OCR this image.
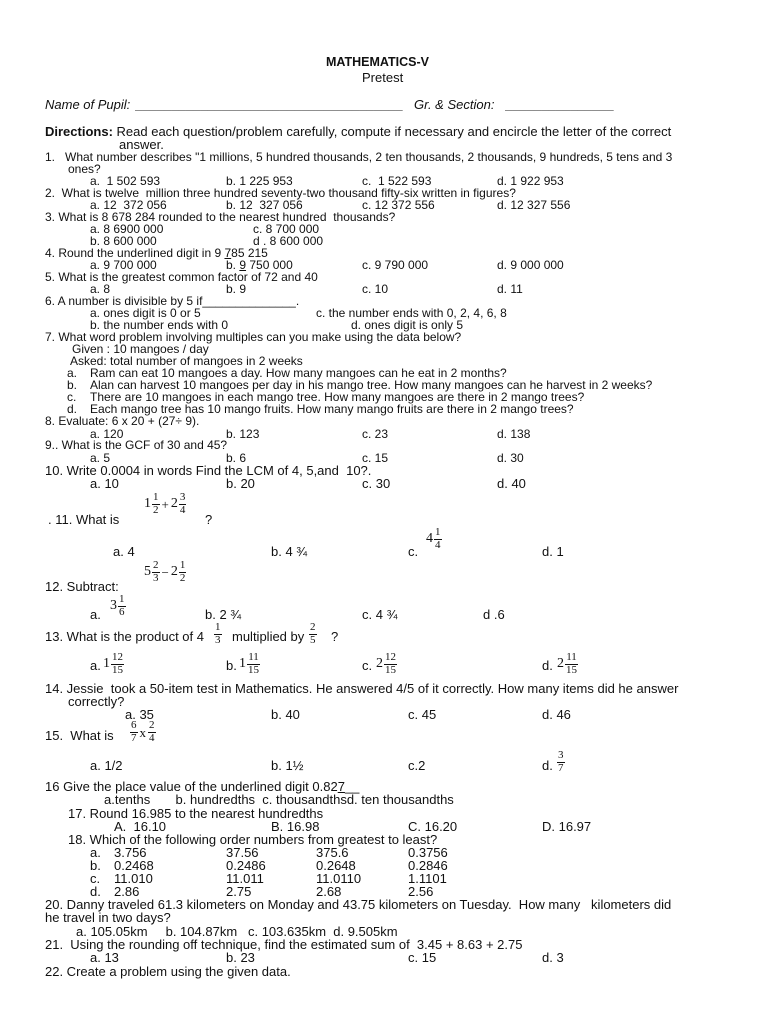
MATHEMATICS-V
Pretest
Name of Pupil: _____________________________________ Gr. & Section: _______________
Directions: Read each question/problem carefully, compute if necessary and encircle the letter of the correct
answer.
1.   What number describes "1 millions, 5 hundred thousands, 2 ten thousands, 2 thousands, 9 hundreds, 5 tens and 3
ones?
a.  1 502 593	b. 1 225 953	c.  1 522 593	d. 1 922 953
2.  What is twelve  million three hundred seventy-two thousand fifty-six written in figures?
a. 12  372 056	b. 12  327 056	c. 12 372 556	d. 12 327 556
3. What is 8 678 284 rounded to the nearest hundred  thousands?
a. 8 6900 000	c. 8 700 000
b. 8 600 000	d . 8 600 000
4. Round the underlined digit in 9 785 215
a. 9 700 000	b. 9 750 000	c. 9 790 000	d. 9 000 000
5. What is the greatest common factor of 72 and 40
a. 8	b. 9	c. 10	d. 11
6. A number is divisible by 5 if______________.
a. ones digit is 0 or 5	c. the number ends with 0, 2, 4, 6, 8
b. the number ends with 0	d. ones digit is only 5
7. What word problem involving multiples can you make using the data below?
Given : 10 mangoes / day
Asked: total number of mangoes in 2 weeks
a. Ram can eat 10 mangoes a day. How many mangoes can he eat in 2 months?
b. Alan can harvest 10 mangoes per day in his mango tree. How many mangoes can he harvest in 2 weeks?
c. There are 10 mangoes in each mango tree. How many mangoes are there in 2 mango trees?
d. Each mango tree has 10 mango fruits. How many mango fruits are there in 2 mango trees?
8. Evaluate: 6 x 20 + (27÷ 9).
a. 120	b. 123	c. 23	d. 138
9.. What is the GCF of 30 and 45?
a. 5	b. 6	c. 15	d. 30
10. Write 0.0004 in words Find the LCM of 4, 5,and  10?.
a. 10	b. 20	c. 30	d. 40
. 11. What is
$1 \frac{1}{2} + 2 \frac{3}{4}$
?
a. 4	b. 4 ¾	c.
$4 \frac{1}{4}$
d. 1
$5 \frac{2}{3} - 2 \frac{1}{2}$
12. Subtract:
a.
$3 \frac{1}{6}$	b. 2 ¾	c. 4 ¾	d .6
13. What is the product of $4 \frac{1}{3}$ multiplied by $\frac{2}{5}$ ?
a. $1 \frac{12}{15}$	b. $1 \frac{11}{15}$	c. $2 \frac{12}{15}$	d. $2 \frac{11}{15}$
14. Jessie  took a 50-item test in Mathematics. He answered 4/5 of it correctly. How many items did he answer
correctly?
a. 35	b. 40	c. 45	d. 46
15.  What is $\frac{6}{7}$ x $\frac{2}{4}$
a. 1/2	b. 1½	c.2	d. $\frac{3}{7}$
16 Give the place value of the underlined digit 0.827__
a.tenths       b. hundredths  c. thousandthsd. ten thousandths
17. Round 16.985 to the nearest hundredths
A.  16.10	B. 16.98	C. 16.20	D. 16.97
18. Which of the following order numbers from greatest to least?
a. 3.756	37.56	375.6	0.3756
b. 0.2468	0.2486	0.2648	0.2846
c. 11.010	11.011	11.0110	1.1101
d. 2.86	2.75	2.68	2.56
20. Danny traveled 61.3 kilometers on Monday and 43.75 kilometers on Tuesday.  How many   kilometers did
he travel in two days?
a. 105.05km     b. 104.87km   c. 103.635km  d. 9.505km
21.  Using the rounding off technique, find the estimated sum of  3.45 + 8.63 + 2.75
a. 13	b. 23	c. 15	d. 3
22. Create a problem using the given data.
